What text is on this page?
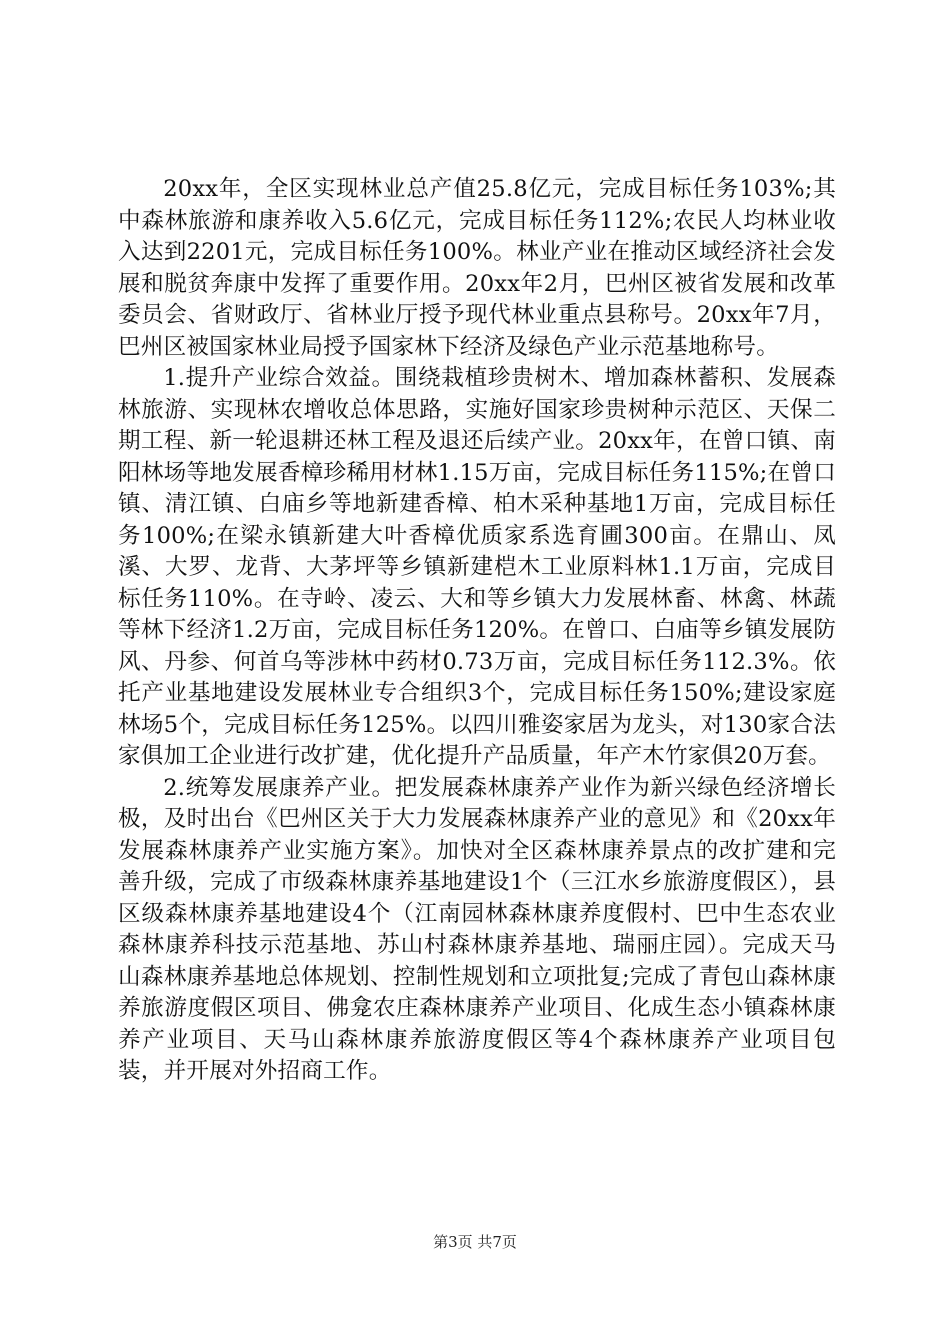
20xx年，全区实现林业总产值25.8亿元，完成目标任务103%;其中森林旅游和康养收入5.6亿元，完成目标任务112%;农民人均林业收入达到2201元，完成目标任务100%。林业产业在推动区域经济社会发展和脱贫奔康中发挥了重要作用。20xx年2月，巴州区被省发展和改革委员会、省财政厅、省林业厅授予现代林业重点县称号。20xx年7月，巴州区被国家林业局授予国家林下经济及绿色产业示范基地称号。

1.提升产业综合效益。围绕栽植珍贵树木、增加森林蓄积、发展森林旅游、实现林农增收总体思路，实施好国家珍贵树种示范区、天保二期工程、新一轮退耕还林工程及退还后续产业。20xx年，在曾口镇、南阳林场等地发展香樟珍稀用材林1.15万亩，完成目标任务115%;在曾口镇、清江镇、白庙乡等地新建香樟、柏木采种基地1万亩，完成目标任务100%;在梁永镇新建大叶香樟优质家系选育圃300亩。在鼎山、凤溪、大罗、龙背、大茅坪等乡镇新建桤木工业原料林1.1万亩，完成目标任务110%。在寺岭、凌云、大和等乡镇大力发展林畜、林禽、林蔬等林下经济1.2万亩，完成目标任务120%。在曾口、白庙等乡镇发展防风、丹参、何首乌等涉林中药材0.73万亩，完成目标任务112.3%。依托产业基地建设发展林业专合组织3个，完成目标任务150%;建设家庭林场5个，完成目标任务125%。以四川雅姿家居为龙头，对130家合法家俱加工企业进行改扩建，优化提升产品质量，年产木竹家俱20万套。

2.统筹发展康养产业。把发展森林康养产业作为新兴绿色经济增长极，及时出台《巴州区关于大力发展森林康养产业的意见》和《20xx年发展森林康养产业实施方案》。加快对全区森林康养景点的改扩建和完善升级，完成了市级森林康养基地建设1个（三江水乡旅游度假区），县区级森林康养基地建设4个（江南园林森林康养度假村、巴中生态农业森林康养科技示范基地、苏山村森林康养基地、瑞丽庄园）。完成天马山森林康养基地总体规划、控制性规划和立项批复;完成了青包山森林康养旅游度假区项目、佛龛农庄森林康养产业项目、化成生态小镇森林康养产业项目、天马山森林康养旅游度假区等4个森林康养产业项目包装，并开展对外招商工作。

第3页 共7页
